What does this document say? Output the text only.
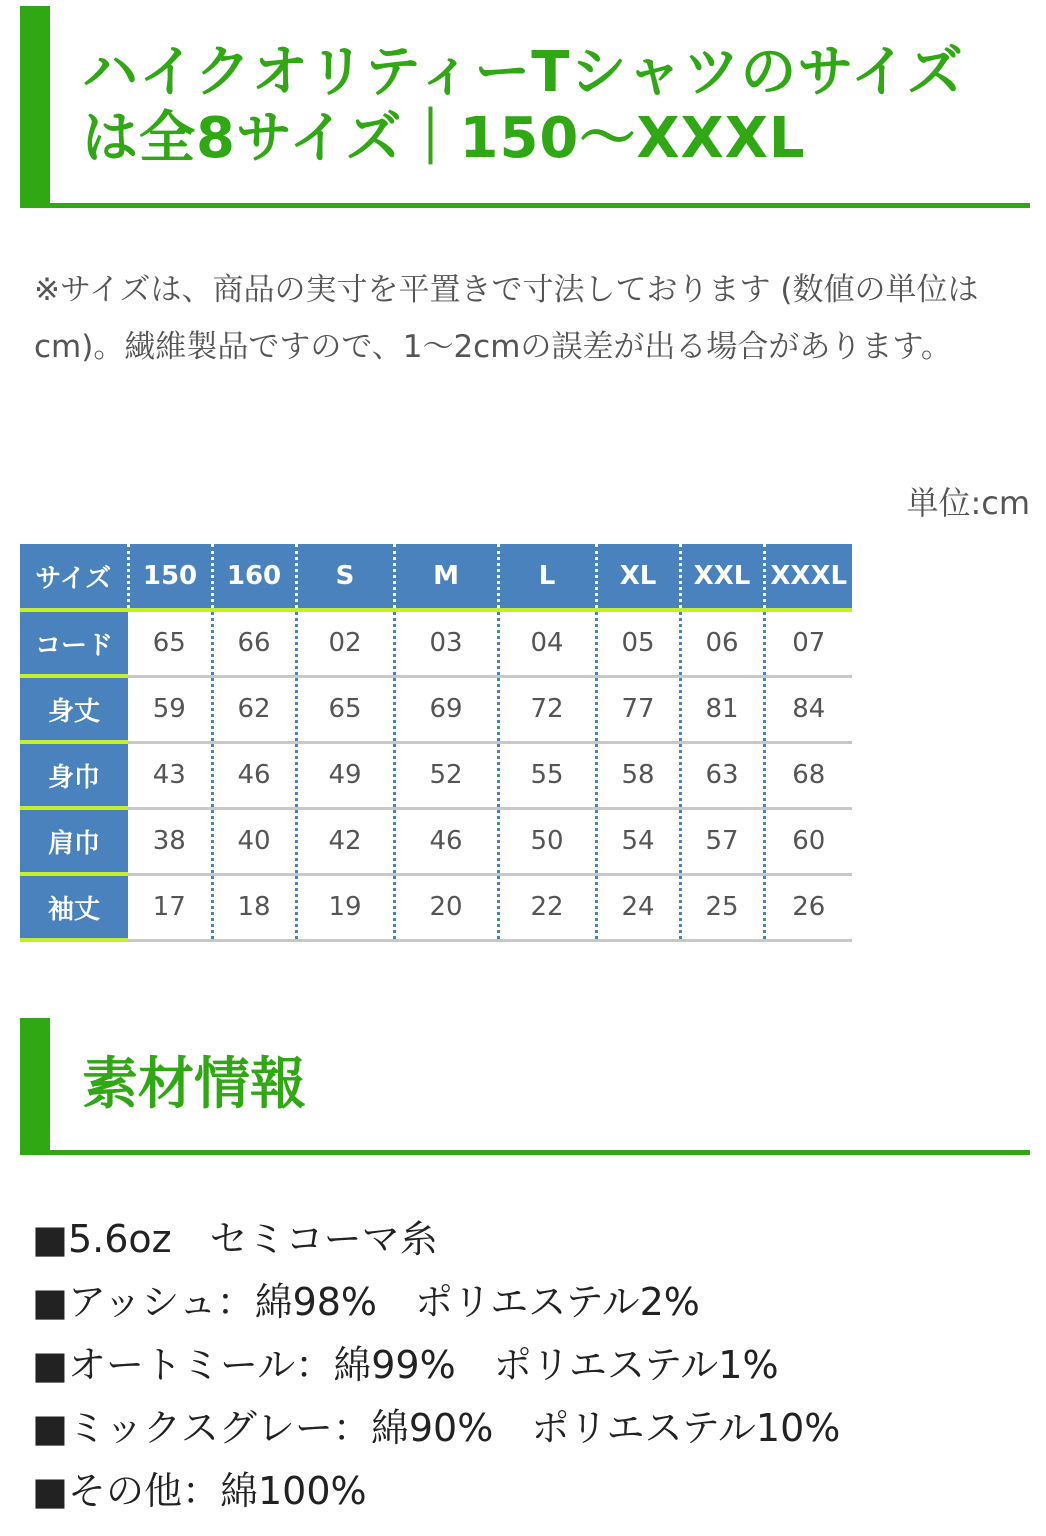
ハイクオリティーTシャツのサイズは全8サイズ｜150〜XXXL
※サイズは、商品の実寸を平置きで寸法しております (数値の単位はcm)。繊維製品ですので、1〜2cmの誤差が出る場合があります。
単位:cm
サイズ	150	160	S	M	L	XL	XXL	XXXL
コード	65	66	02	03	04	05	06	07
身丈	59	62	65	69	72	77	81	84
身巾	43	46	49	52	55	58	63	68
肩巾	38	40	42	46	50	54	57	60
袖丈	17	18	19	20	22	24	25	26
素材情報
■5.6oz　セミコーマ糸
■アッシュ：綿98%　ポリエステル2%
■オートミール：綿99%　ポリエステル1%
■ミックスグレー：綿90%　ポリエステル10%
■その他：綿100%
